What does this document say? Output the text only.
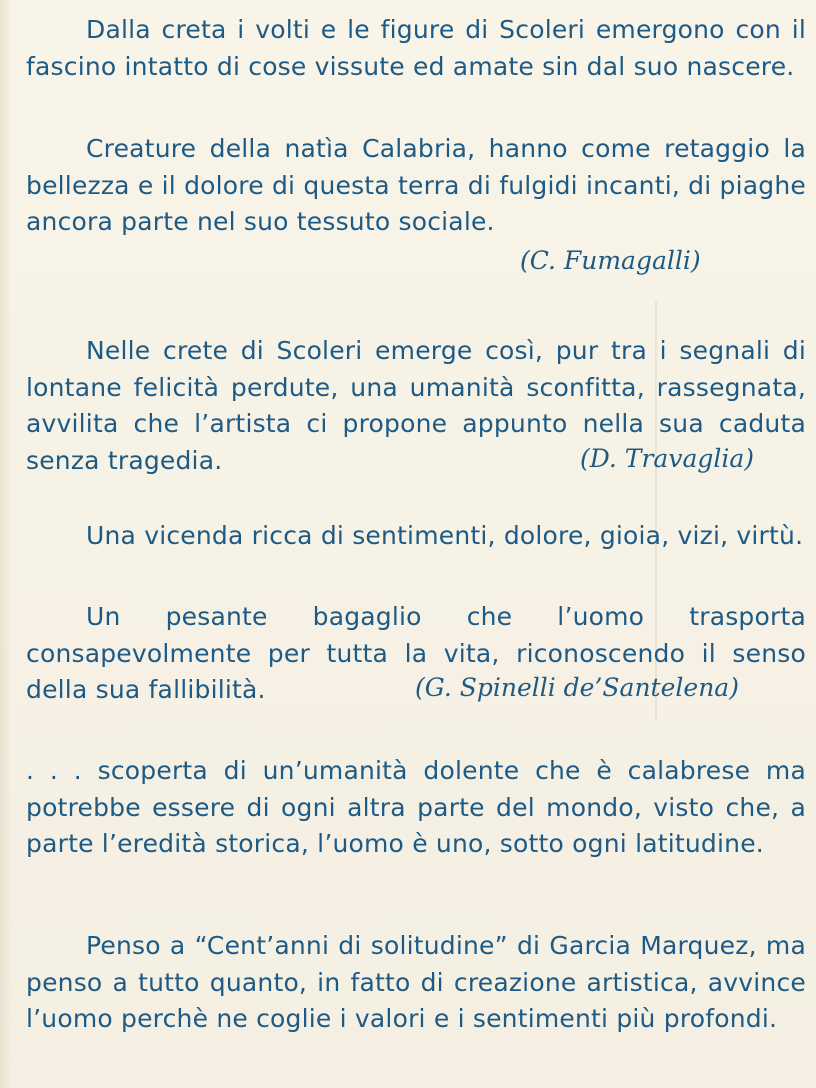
Dalla creta i volti e le figure di Scoleri emergono con il fascino intatto di cose vissute ed amate sin dal suo nascere.

Creature della natìa Calabria, hanno come retaggio la bellezza e il dolore di questa terra di fulgidi incanti, di piaghe ancora parte nel suo tessuto sociale.

(C. Fumagalli)

Nelle crete di Scoleri emerge così, pur tra i segnali di lontane felicità perdute, una umanità sconfitta, rassegnata, avvilita che l’artista ci propone appunto nella sua caduta senza tragedia.	(D. Travaglia)

Una vicenda ricca di sentimenti, dolore, gioia, vizi, virtù.

Un pesante bagaglio che l’uomo trasporta consapevolmente per tutta la vita, riconoscendo il senso della sua fallibilità.	(G. Spinelli de’Santelena)

. . . scoperta di un’umanità dolente che è calabrese ma potrebbe essere di ogni altra parte del mondo, visto che, a parte l’eredità storica, l’uomo è uno, sotto ogni latitudine.

Penso a “Cent’anni di solitudine” di Garcia Marquez, ma penso a tutto quanto, in fatto di creazione artistica, avvince l’uomo perchè ne coglie i valori e i sentimenti più profondi.
